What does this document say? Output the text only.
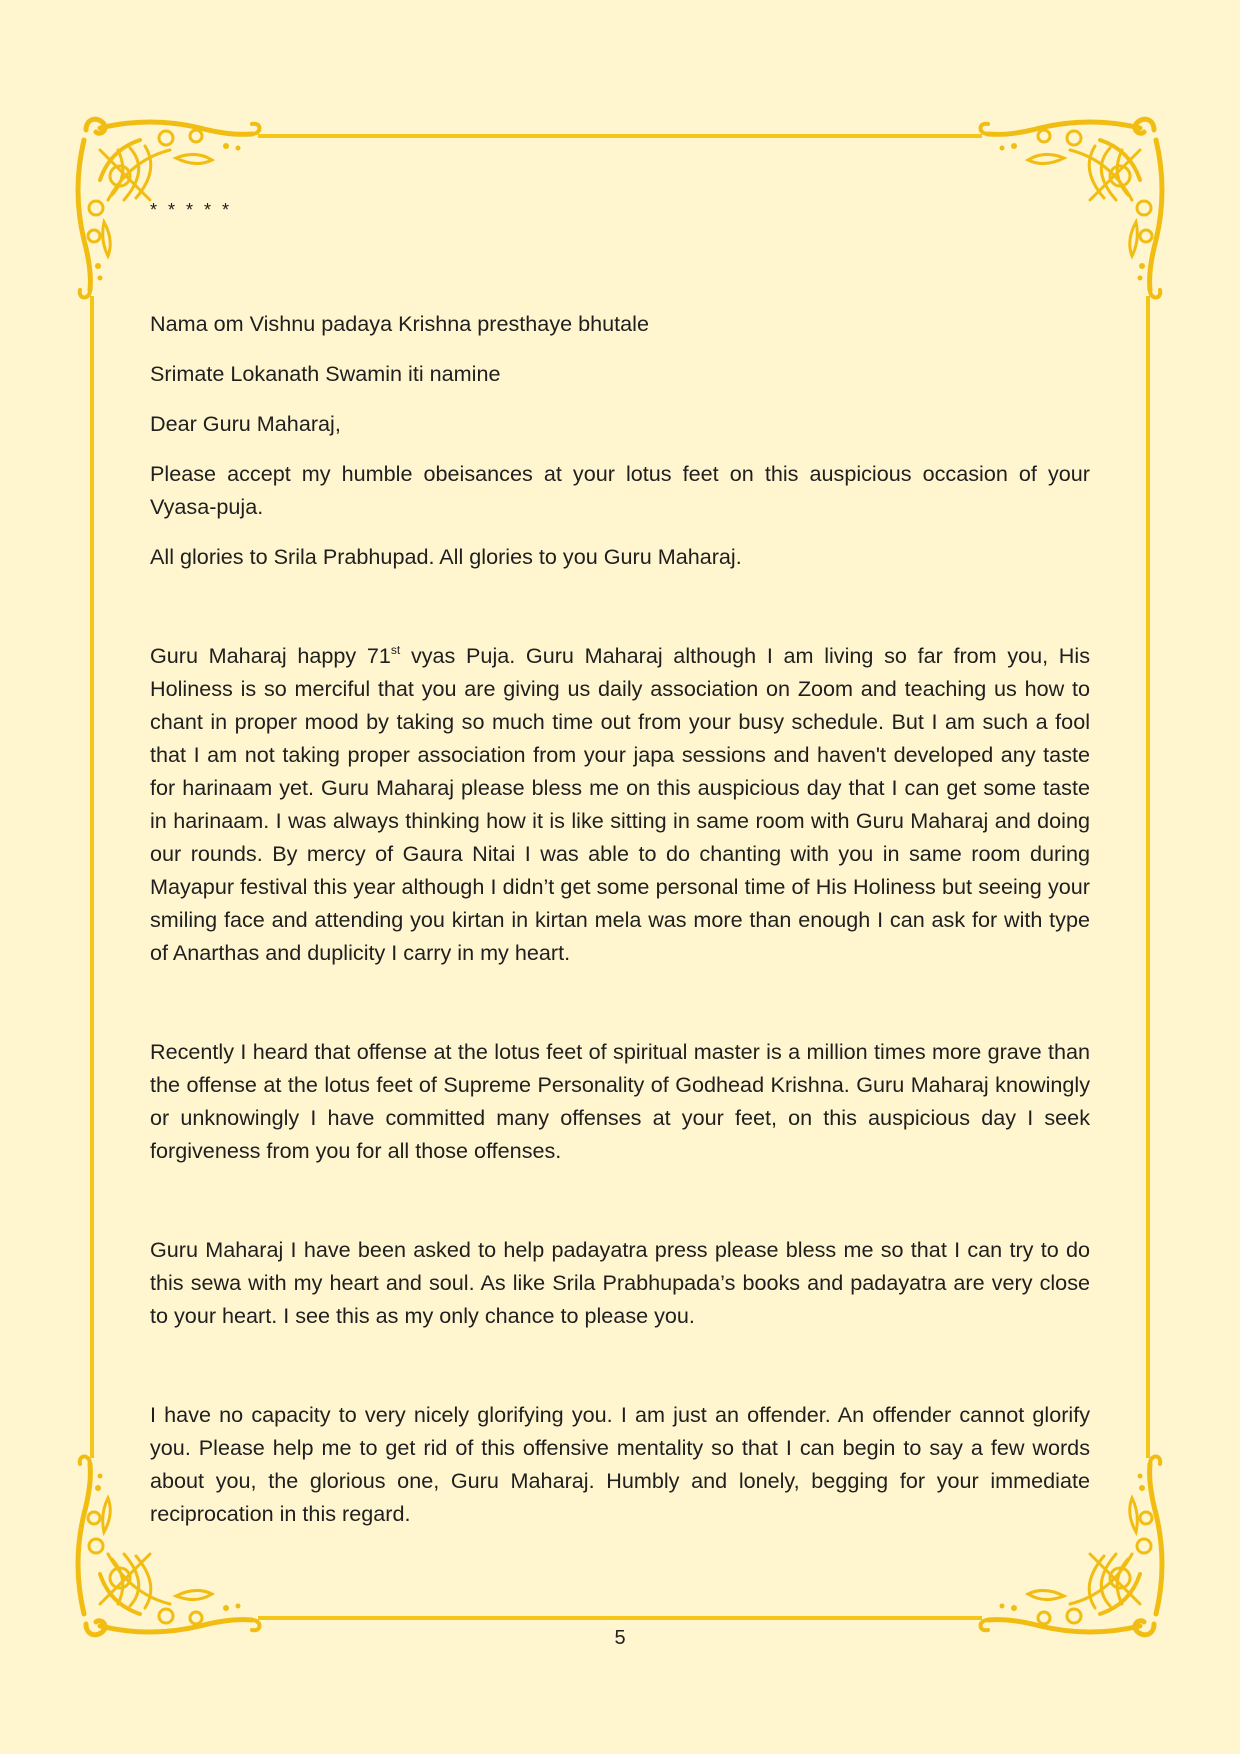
* * * * *

Nama om Vishnu padaya Krishna presthaye bhutale

Srimate Lokanath Swamin iti namine

Dear Guru Maharaj,

Please accept my humble obeisances at your lotus feet on this auspicious occasion of your Vyasa-puja.

All glories to Srila Prabhupad. All glories to you Guru Maharaj.

Guru Maharaj happy 71st vyas Puja. Guru Maharaj although I am living so far from you, His Holiness is so merciful that you are giving us daily association on Zoom and teaching us how to chant in proper mood by taking so much time out from your busy schedule. But I am such a fool that I am not taking proper association from your japa sessions and haven't developed any taste for harinaam yet. Guru Maharaj please bless me on this auspicious day that I can get some taste in harinaam. I was always thinking how it is like sitting in same room with Guru Maharaj and doing our rounds. By mercy of Gaura Nitai I was able to do chanting with you in same room during Mayapur festival this year although I didn’t get some personal time of His Holiness but seeing your smiling face and attending you kirtan in kirtan mela was more than enough I can ask for with type of Anarthas and duplicity I carry in my heart.

Recently I heard that offense at the lotus feet of spiritual master is a million times more grave than the offense at the lotus feet of Supreme Personality of Godhead Krishna. Guru Maharaj knowingly or unknowingly I have committed many offenses at your feet, on this auspicious day I seek forgiveness from you for all those offenses.

Guru Maharaj I have been asked to help padayatra press please bless me so that I can try to do this sewa with my heart and soul. As like Srila Prabhupada’s books and padayatra are very close to your heart. I see this as my only chance to please you.

I have no capacity to very nicely glorifying you. I am just an offender. An offender cannot glorify you. Please help me to get rid of this offensive mentality so that I can begin to say a few words about you, the glorious one, Guru Maharaj. Humbly and lonely, begging for your immediate reciprocation in this regard.

5
